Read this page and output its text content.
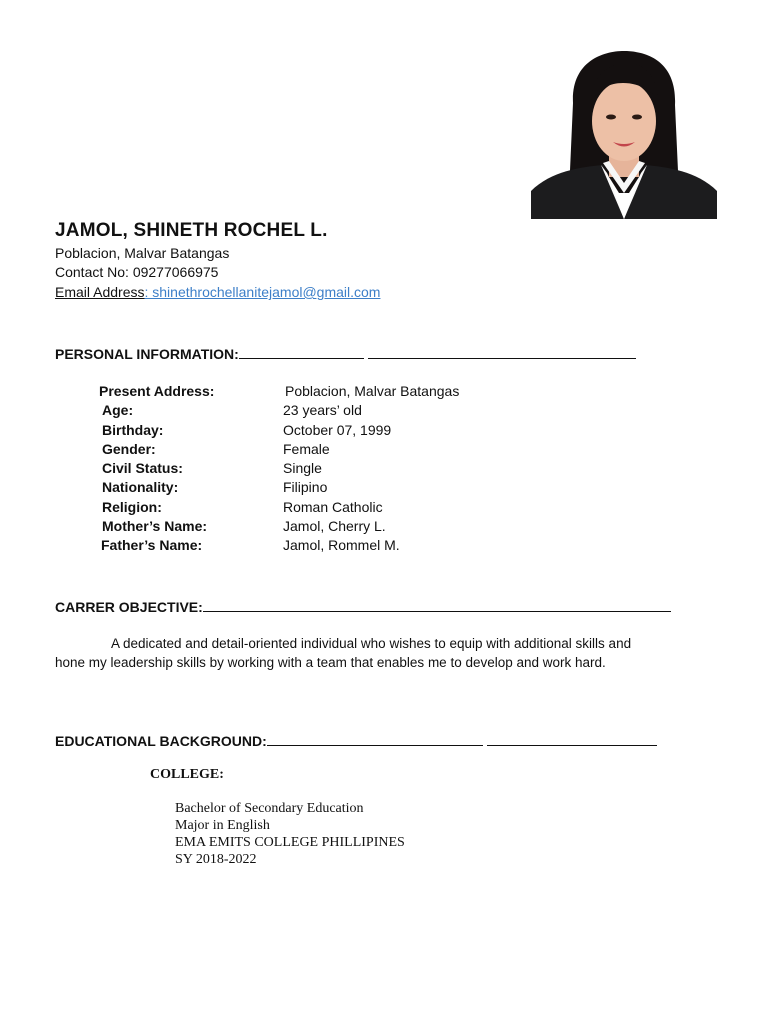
JAMOL, SHINETH ROCHEL L.
Poblacion, Malvar Batangas
Contact No: 09277066975
Email Address: shinethrochellanitejamol@gmail.com
PERSONAL INFORMATION:
Present Address:	Poblacion, Malvar Batangas
Age:	23 years’ old
Birthday:	October 07, 1999
Gender:	Female
Civil Status:	Single
Nationality:	Filipino
Religion:	Roman Catholic
Mother’s Name:	Jamol, Cherry L.
Father’s Name:	Jamol, Rommel M.
CARRER OBJECTIVE:
A dedicated and detail-oriented individual who wishes to equip with additional skills and hone my leadership skills by working with a team that enables me to develop and work hard.
EDUCATIONAL BACKGROUND:
COLLEGE:
Bachelor of Secondary Education
Major in English
EMA EMITS COLLEGE PHILLIPINES
SY 2018-2022
